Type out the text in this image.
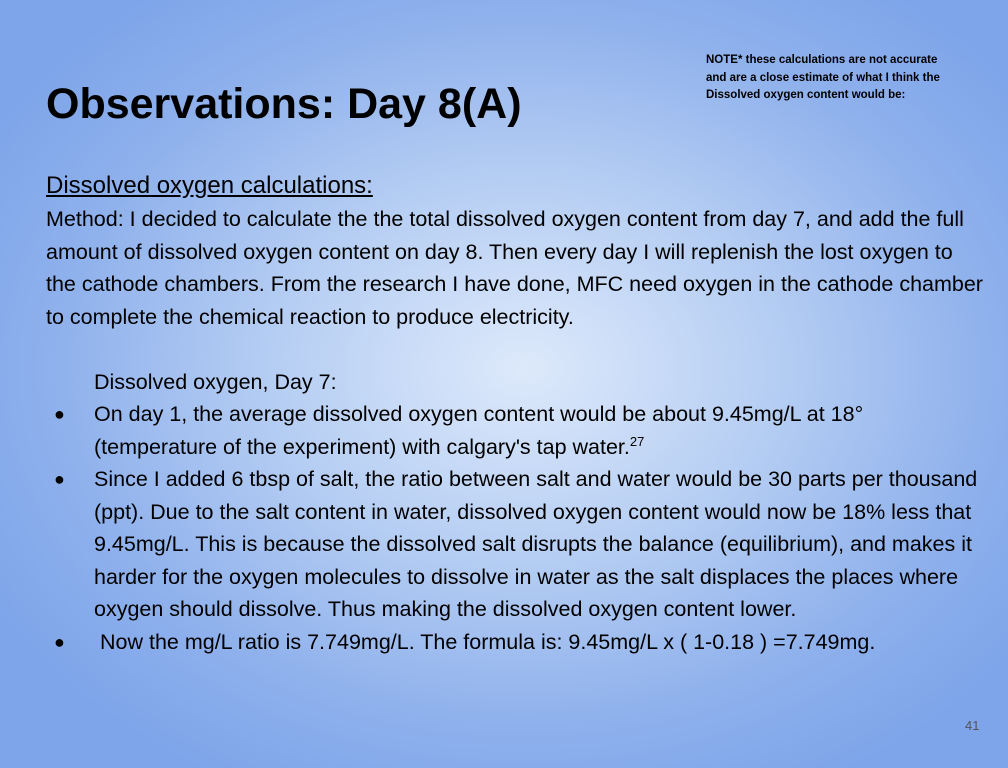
Observations: Day 8(A)
NOTE* these calculations are not accurate and are a close estimate of what I think the Dissolved oxygen content would be:
Dissolved oxygen calculations:

Method: I decided to calculate the the total dissolved oxygen content from day 7, and add the full amount of dissolved oxygen content on day 8. Then every day I will replenish the lost oxygen to the cathode chambers. From the research I have done, MFC need oxygen in the cathode chamber to complete the chemical reaction to produce electricity.

Dissolved oxygen, Day 7:
● On day 1, the average dissolved oxygen content would be about 9.45mg/L at 18° (temperature of the experiment) with calgary's tap water.$^{27}$
● Since I added 6 tbsp of salt, the ratio between salt and water would be 30 parts per thousand (ppt). Due to the salt content in water, dissolved oxygen content would now be 18% less that 9.45mg/L. This is because the dissolved salt disrupts the balance (equilibrium), and makes it harder for the oxygen molecules to dissolve in water as the salt displaces the places where oxygen should dissolve. Thus making the dissolved oxygen content lower.
● Now the mg/L ratio is 7.749mg/L. The formula is: 9.45mg/L x ( 1-0.18 ) =7.749mg.
41
